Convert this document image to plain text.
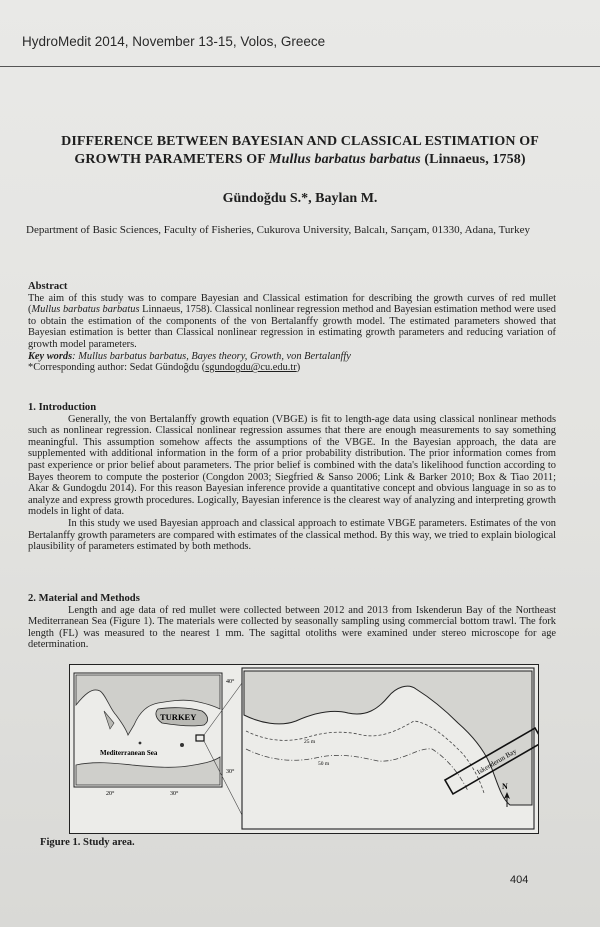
HydroMedit 2014, November 13-15, Volos, Greece
DIFFERENCE BETWEEN BAYESIAN AND CLASSICAL ESTIMATION OF
GROWTH PARAMETERS OF Mullus barbatus barbatus (Linnaeus, 1758)
Gündoğdu S.*, Baylan M.
Department of Basic Sciences, Faculty of Fisheries, Cukurova University, Balcalı, Sarıçam, 01330, Adana, Turkey
Abstract

The aim of this study was to compare Bayesian and Classical estimation for describing the growth curves of red mullet (Mullus barbatus barbatus Linnaeus, 1758). Classical nonlinear regression method and Bayesian estimation method were used to obtain the estimation of the components of the von Bertalanffy growth model. The estimated parameters showed that Bayesian estimation is better than Classical nonlinear regression in estimating growth parameters and reducing variation of growth model parameters.

Key words: Mullus barbatus barbatus, Bayes theory, Growth, von Bertalanffy

*Corresponding author: Sedat Gündoğdu (sgundogdu@cu.edu.tr)

1. Introduction

Generally, the von Bertalanffy growth equation (VBGE) is fit to length-age data using classical nonlinear methods such as nonlinear regression. Classical nonlinear regression assumes that there are enough measurements to say something meaningful. This assumption somehow affects the assumptions of the VBGE. In the Bayesian approach, the data are supplemented with additional information in the form of a prior probability distribution. The prior information comes from past experience or prior belief about parameters. The prior belief is combined with the data's likelihood function according to Bayes theorem to compute the posterior (Congdon 2003; Siegfried & Sanso 2006; Link & Barker 2010; Box & Tiao 2011; Akar & Gundogdu 2014). For this reason Bayesian inference provide a quantitative concept and obvious language in so as to analyze and express growth procedures. Logically, Bayesian inference is the clearest way of analyzing and interpreting growth models in light of data.

In this study we used Bayesian approach and classical approach to estimate VBGE parameters. Estimates of the von Bertalanffy growth parameters are compared with estimates of the classical method. By this way, we tried to explain biological plausibility of parameters estimated by both methods.

2. Material and Methods

Length and age data of red mullet were collected between 2012 and 2013 from Iskenderun Bay of the Northeast Mediterranean Sea (Figure 1). The materials were collected by seasonally sampling using commercial bottom trawl. The fork length (FL) was measured to the nearest 1 mm. The sagittal otoliths were examined under stereo microscope for age determination.

TURKEY
Mediterranean Sea
40°
30°
20°	30°
Iskenderun Bay
25 m
50 m
N
Figure 1. Study area.
404
